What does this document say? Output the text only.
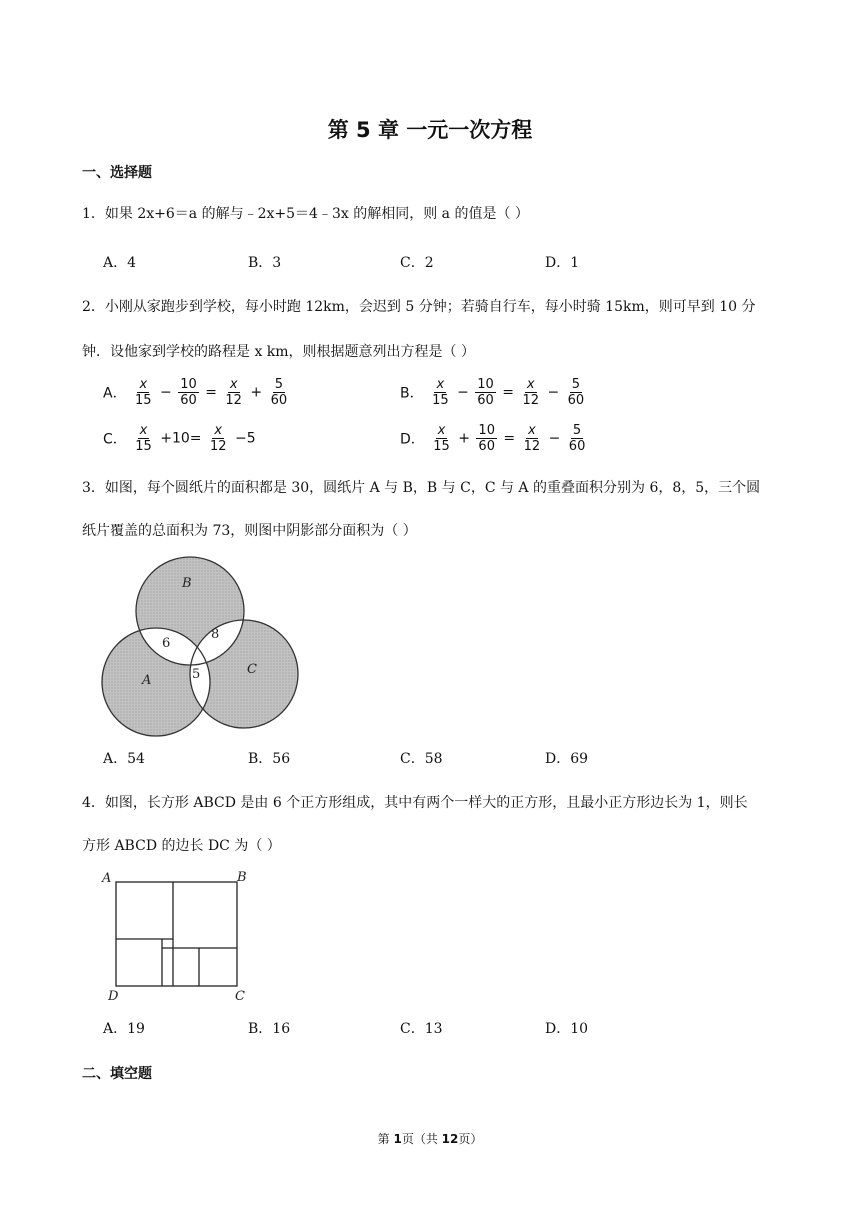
第 5 章 一元一次方程
一、选择题
1．如果 2x+6＝a 的解与﹣2x+5＝4﹣3x 的解相同，则 a 的值是（ ）
A．4	B．3	C．2	D．1
2．小刚从家跑步到学校，每小时跑 12km，会迟到 5 分钟；若骑自行车，每小时骑 15km，则可早到 10 分
钟．设他家到学校的路程是 x km，则根据题意列出方程是（ ）
A． $\frac{x}{15} - \frac{10}{60} = \frac{x}{12} + \frac{5}{60}$	B． $\frac{x}{15} - \frac{10}{60} = \frac{x}{12} - \frac{5}{60}$
C． $\frac{x}{15} +10= \frac{x}{12} -5$	D． $\frac{x}{15} + \frac{10}{60} = \frac{x}{12} - \frac{5}{60}$
3．如图，每个圆纸片的面积都是 30，圆纸片 A 与 B，B 与 C，C 与 A 的重叠面积分别为 6，8，5，三个圆
纸片覆盖的总面积为 73，则图中阴影部分面积为（ ）
B
A
C
6
8
5
A．54	B．56	C．58	D．69
4．如图，长方形 ABCD 是由 6 个正方形组成，其中有两个一样大的正方形，且最小正方形边长为 1，则长
方形 ABCD 的边长 DC 为（ ）
A	B
D	C
A．19	B．16	C．13	D．10
二、填空题
第 1页（共 12页）
